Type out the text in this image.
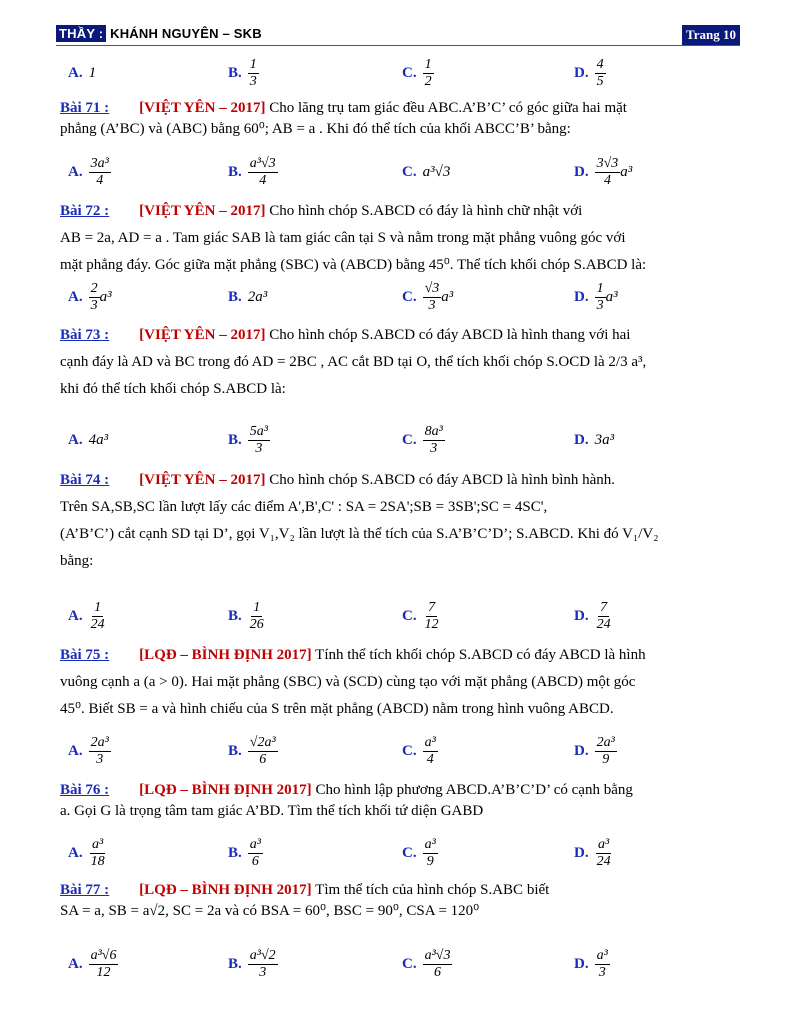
THẦY : KHÁNH NGUYÊN – SKB	Trang 10
A. 1	B. $\frac{1}{3}$	C. $\frac{1}{2}$	D. $\frac{4}{5}$
A. $\frac{\text{3a³}}{4}$	B. $\frac{\text{a³√3}}{4}$	C. a³√3	D. $\frac{3√3}{4} a^3$
A. $\frac{2}{3} a^3$	B. 2a³	C. $\frac{√3}{3} a^3$	D. $\frac{1}{3} a^3$
A. 4a³	B. $\frac{\text{5a³}}{3}$	C. $\frac{\text{8a³}}{3}$	D. 3a³
A. $\frac{1}{24}$	B. $\frac{1}{26}$	C. $\frac{7}{12}$	D. $\frac{7}{24}$
A. $\frac{\text{2a³}}{3}$	B. $\frac{\text{√2a³}}{6}$	C. $\frac{\text{a³}}{4}$	D. $\frac{\text{2a³}}{9}$
A. $\frac{\text{a³}}{18}$	B. $\frac{\text{a³}}{6}$	C. $\frac{\text{a³}}{9}$	D. $\frac{\text{a³}}{24}$
A. $\frac{\text{a³√6}}{12}$	B. $\frac{\text{a³√2}}{3}$	C. $\frac{\text{a³√3}}{6}$	D. $\frac{\text{a³}}{3}$
Bài 71 : [VIỆT YÊN – 2017] Cho lăng trụ tam giác đều ABC.A’B’C’ có góc giữa hai mặt
phẳng (A’BC) và (ABC) bằng 60⁰; AB = a . Khi đó thể tích của khối ABCC’B’ bằng:
Bài 72 : [VIỆT YÊN – 2017] Cho hình chóp S.ABCD có đáy là hình chữ nhật với
AB = 2a, AD = a . Tam giác SAB là tam giác cân tại S và nằm trong mặt phẳng vuông góc với
mặt phẳng đáy. Góc giữa mặt phẳng (SBC) và (ABCD) bằng 45⁰. Thể tích khối chóp S.ABCD là:
Bài 73 : [VIỆT YÊN – 2017] Cho hình chóp S.ABCD có đáy ABCD là hình thang với hai
cạnh đáy là AD và BC trong đó AD = 2BC , AC cắt BD tại O, thể tích khối chóp S.OCD là 2/3 a³,
khi đó thể tích khối chóp S.ABCD là:
Bài 74 : [VIỆT YÊN – 2017] Cho hình chóp S.ABCD có đáy ABCD là hình bình hành.
Trên SA,SB,SC lần lượt lấy các điểm A',B',C' : SA = 2SA';SB = 3SB';SC = 4SC',
(A’B’C’) cắt cạnh SD tại D’, gọi V₁,V₂ lần lượt là thể tích của S.A’B’C’D’; S.ABCD. Khi đó V₁/V₂
bằng:
Bài 75 : [LQĐ – BÌNH ĐỊNH 2017] Tính thể tích khối chóp S.ABCD có đáy ABCD là hình
vuông cạnh a (a > 0). Hai mặt phẳng (SBC) và (SCD) cùng tạo với mặt phẳng (ABCD) một góc
45⁰. Biết SB = a và hình chiếu của S trên mặt phẳng (ABCD) nằm trong hình vuông ABCD.
Bài 76 : [LQĐ – BÌNH ĐỊNH 2017] Cho hình lập phương ABCD.A’B’C’D’ có cạnh bằng
a. Gọi G là trọng tâm tam giác A’BD. Tìm thể tích khối tứ diện GABD
Bài 77 : [LQĐ – BÌNH ĐỊNH 2017] Tìm thể tích của hình chóp S.ABC biết
SA = a, SB = a√2, SC = 2a và có BSA = 60⁰, BSC = 90⁰, CSA = 120⁰
